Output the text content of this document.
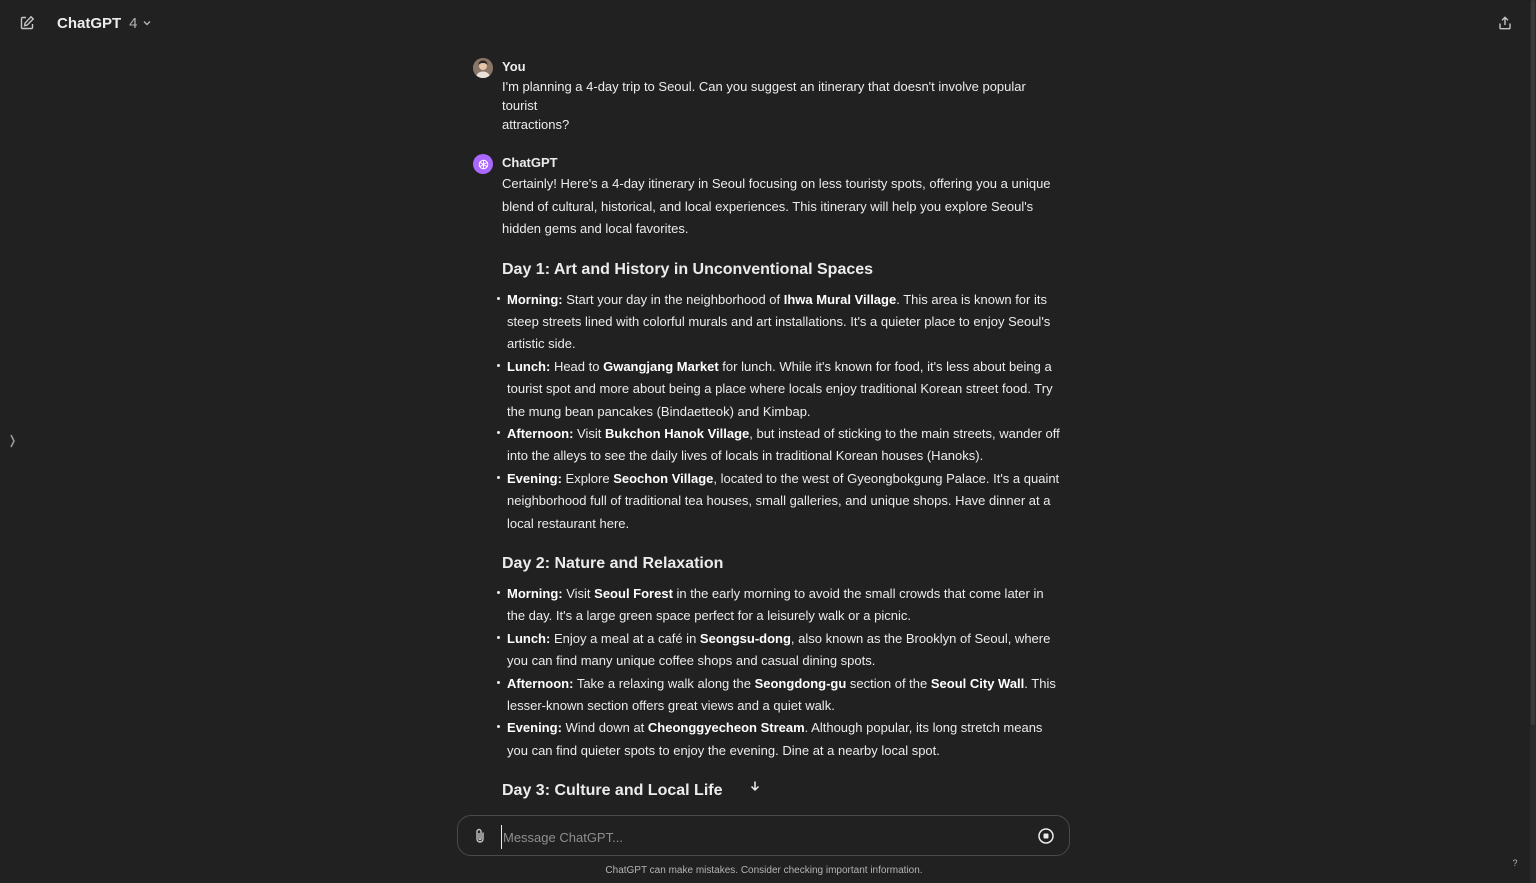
ChatGPT 4
You
I'm planning a 4-day trip to Seoul. Can you suggest an itinerary that doesn't involve popular tourist
attractions?
ChatGPT
Certainly! Here's a 4-day itinerary in Seoul focusing on less touristy spots, offering you a unique blend of cultural, historical, and local experiences. This itinerary will help you explore Seoul's hidden gems and local favorites.
Day 1: Art and History in Unconventional Spaces
Morning: Start your day in the neighborhood of Ihwa Mural Village. This area is known for its steep streets lined with colorful murals and art installations. It's a quieter place to enjoy Seoul's artistic side.
Lunch: Head to Gwangjang Market for lunch. While it's known for food, it's less about being a tourist spot and more about being a place where locals enjoy traditional Korean street food. Try the mung bean pancakes (Bindaetteok) and Kimbap.
Afternoon: Visit Bukchon Hanok Village, but instead of sticking to the main streets, wander off into the alleys to see the daily lives of locals in traditional Korean houses (Hanoks).
Evening: Explore Seochon Village, located to the west of Gyeongbokgung Palace. It's a quaint neighborhood full of traditional tea houses, small galleries, and unique shops. Have dinner at a local restaurant here.
Day 2: Nature and Relaxation
Morning: Visit Seoul Forest in the early morning to avoid the small crowds that come later in the day. It's a large green space perfect for a leisurely walk or a picnic.
Lunch: Enjoy a meal at a café in Seongsu-dong, also known as the Brooklyn of Seoul, where you can find many unique coffee shops and casual dining spots.
Afternoon: Take a relaxing walk along the Seongdong-gu section of the Seoul City Wall. This lesser-known section offers great views and a quiet walk.
Evening: Wind down at Cheonggyecheon Stream. Although popular, its long stretch means you can find quieter spots to enjoy the evening. Dine at a nearby local spot.
Day 3: Culture and Local Life
Message ChatGPT...
ChatGPT can make mistakes. Consider checking important information.
?
